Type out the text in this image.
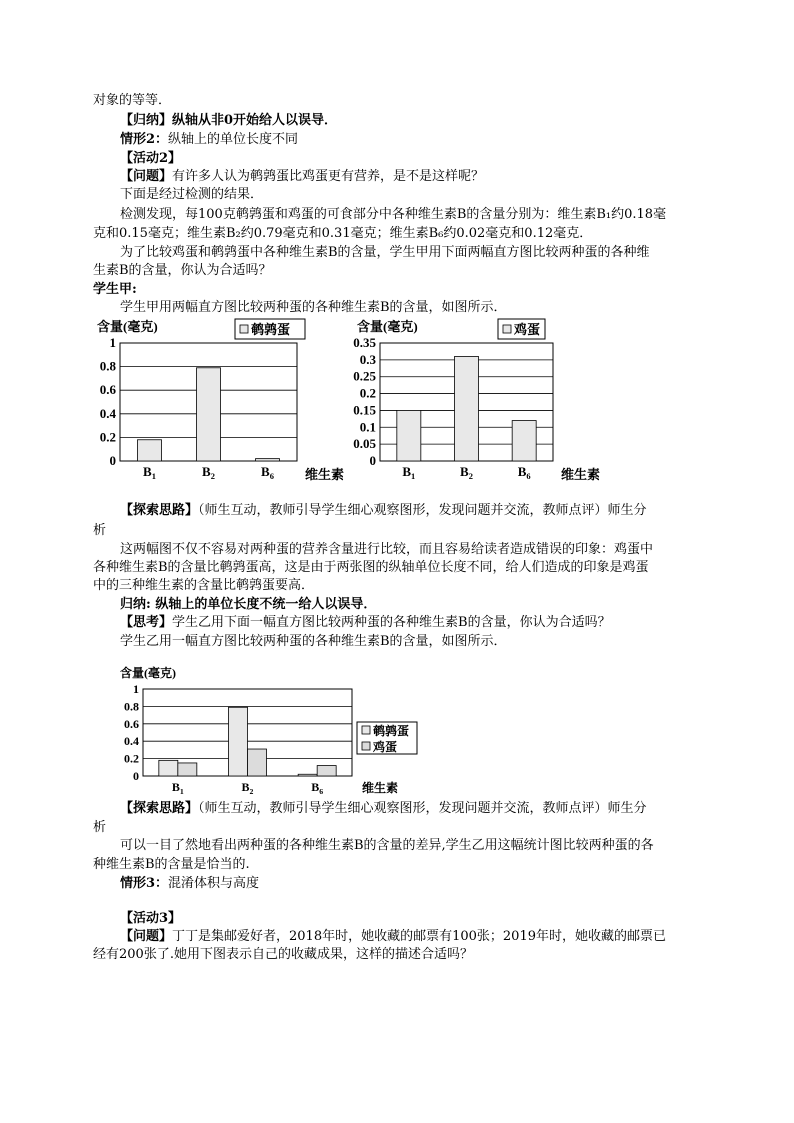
对象的等等．
【归纳】纵轴从非0开始给人以误导．
情形2：纵轴上的单位长度不同
【活动2】
【问题】有许多人认为鹌鹑蛋比鸡蛋更有营养，是不是这样呢？
下面是经过检测的结果．
检测发现，每100克鹌鹑蛋和鸡蛋的可食部分中各种维生素B的含量分别为：维生素B₁约0.18毫
克和0.15毫克；维生素B₂约0.79毫克和0.31毫克；维生素B₆约0.02毫克和0.12毫克．
为了比较鸡蛋和鹌鹑蛋中各种维生素B的含量，学生甲用下面两幅直方图比较两种蛋的各种维
生素B的含量，你认为合适吗？
学生甲:
学生甲用两幅直方图比较两种蛋的各种维生素B的含量，如图所示．
含量(毫克)
0
0.2
0.4
0.6
0.8
1
$B_1$	$B_2$	$B_6$ 维生素
鹌鹑蛋	含量(毫克)
0
0.05
0.1
0.15
0.2
0.25
0.3
0.35
$B_1$	$B_2$	$B_6$ 维生素
鸡蛋
【探索思路】（师生互动，教师引导学生细心观察图形，发现问题并交流，教师点评）师生分
析
这两幅图不仅不容易对两种蛋的营养含量进行比较，而且容易给读者造成错误的印象：鸡蛋中
各种维生素B的含量比鹌鹑蛋高，这是由于两张图的纵轴单位长度不同，给人们造成的印象是鸡蛋
中的三种维生素的含量比鹌鹑蛋要高．
归纳: 纵轴上的单位长度不统一给人以误导．
【思考】学生乙用下面一幅直方图比较两种蛋的各种维生素B的含量，你认为合适吗？
学生乙用一幅直方图比较两种蛋的各种维生素B的含量，如图所示．
含量(毫克)
0
0.2
0.4
0.6
0.8
1
$B_1$	$B_2$	$B_6$	维生素
鹌鹑蛋
鸡蛋
【探索思路】（师生互动，教师引导学生细心观察图形，发现问题并交流，教师点评）师生分
析
可以一目了然地看出两种蛋的各种维生素B的含量的差异,学生乙用这幅统计图比较两种蛋的各
种维生素B的含量是恰当的.
情形3：混淆体积与高度
【活动3】
【问题】丁丁是集邮爱好者，2018年时，她收藏的邮票有100张；2019年时，她收藏的邮票已
经有200张了.她用下图表示自己的收藏成果，这样的描述合适吗？
